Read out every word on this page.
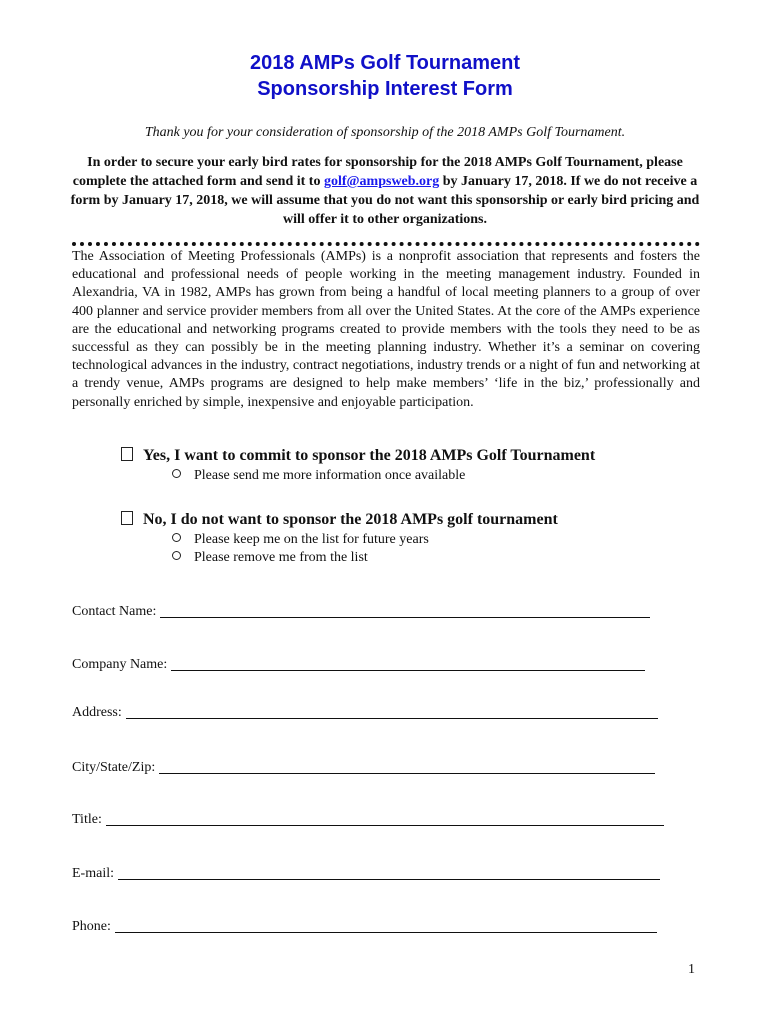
2018 AMPs Golf Tournament
Sponsorship Interest Form
Thank you for your consideration of sponsorship of the 2018 AMPs Golf Tournament.
In order to secure your early bird rates for sponsorship for the 2018 AMPs Golf Tournament, please complete the attached form and send it to golf@ampsweb.org by January 17, 2018. If we do not receive a form by January 17, 2018, we will assume that you do not want this sponsorship or early bird pricing and will offer it to other organizations.
The Association of Meeting Professionals (AMPs) is a nonprofit association that represents and fosters the educational and professional needs of people working in the meeting management industry. Founded in Alexandria, VA in 1982, AMPs has grown from being a handful of local meeting planners to a group of over 400 planner and service provider members from all over the United States. At the core of the AMPs experience are the educational and networking programs created to provide members with the tools they need to be as successful as they can possibly be in the meeting planning industry. Whether it’s a seminar on covering technological advances in the industry, contract negotiations, industry trends or a night of fun and networking at a trendy venue, AMPs programs are designed to help make members’ ‘life in the biz,’ professionally and personally enriched by simple, inexpensive and enjoyable participation.
Yes, I want to commit to sponsor the 2018 AMPs Golf Tournament
Please send me more information once available
No, I do not want to sponsor the 2018 AMPs golf tournament
Please keep me on the list for future years
Please remove me from the list
Contact Name:
Company Name:
Address:
City/State/Zip:
Title:
E-mail:
Phone:
1
